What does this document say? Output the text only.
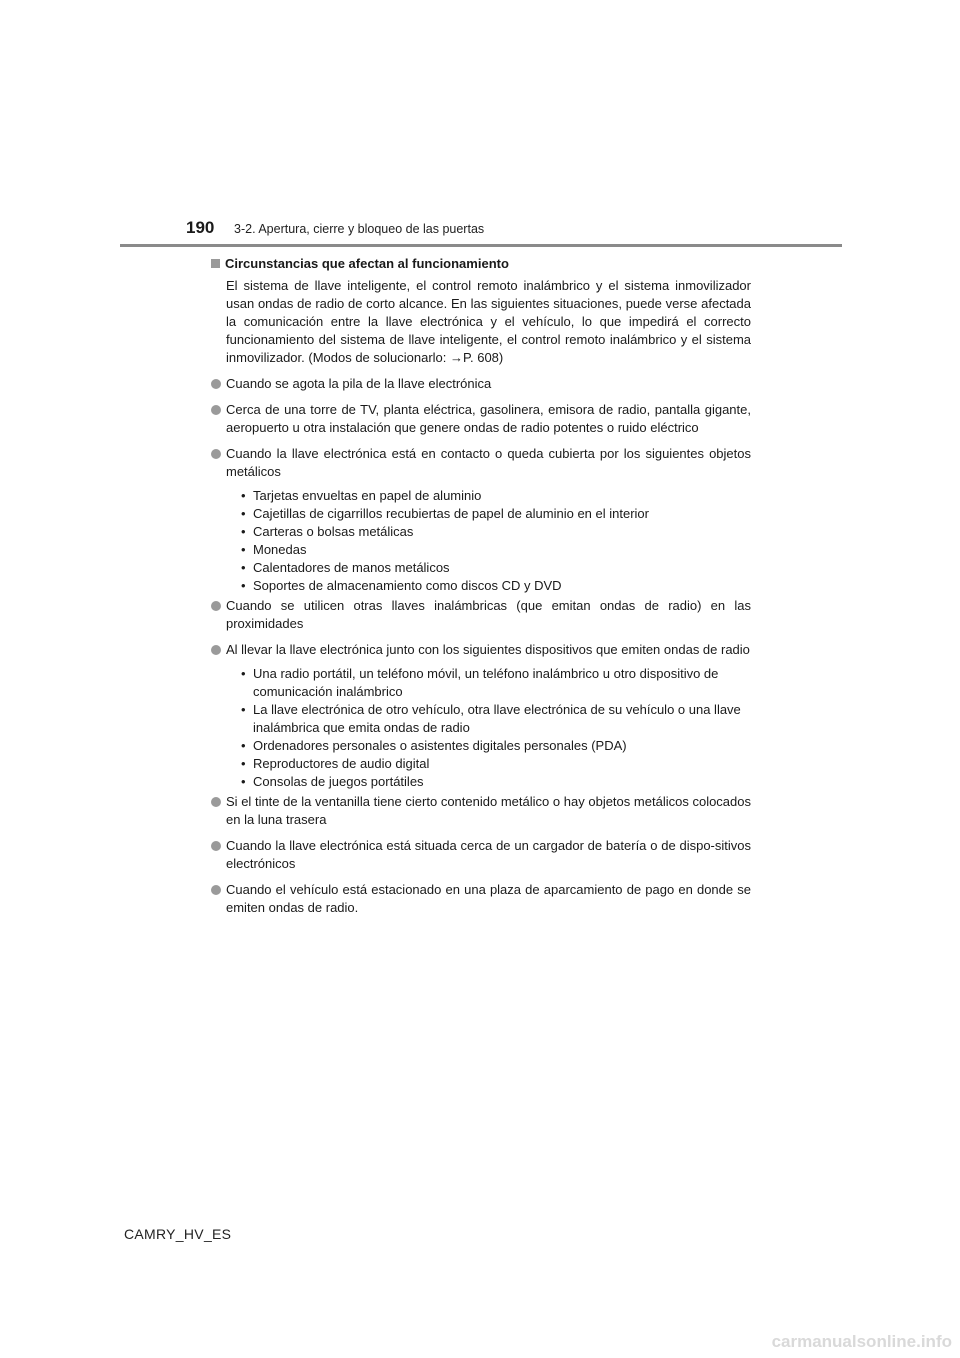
190 3-2. Apertura, cierre y bloqueo de las puertas
Circunstancias que afectan al funcionamiento

El sistema de llave inteligente, el control remoto inalámbrico y el sistema inmovilizador usan ondas de radio de corto alcance. En las siguientes situaciones, puede verse afectada la comunicación entre la llave electrónica y el vehículo, lo que impedirá el correcto funcionamiento del sistema de llave inteligente, el control remoto inalámbrico y el sistema inmovilizador. (Modos de solucionarlo: →P. 608)

Cuando se agota la pila de la llave electrónica
Cerca de una torre de TV, planta eléctrica, gasolinera, emisora de radio, pantalla gigante, aeropuerto u otra instalación que genere ondas de radio potentes o ruido eléctrico
Cuando la llave electrónica está en contacto o queda cubierta por los siguientes objetos metálicos
• Tarjetas envueltas en papel de aluminio
• Cajetillas de cigarrillos recubiertas de papel de aluminio en el interior
• Carteras o bolsas metálicas
• Monedas
• Calentadores de manos metálicos
• Soportes de almacenamiento como discos CD y DVD
Cuando se utilicen otras llaves inalámbricas (que emitan ondas de radio) en las proximidades
Al llevar la llave electrónica junto con los siguientes dispositivos que emiten ondas de radio
• Una radio portátil, un teléfono móvil, un teléfono inalámbrico u otro dispositivo de comunicación inalámbrico
• La llave electrónica de otro vehículo, otra llave electrónica de su vehículo o una llave inalámbrica que emita ondas de radio
• Ordenadores personales o asistentes digitales personales (PDA)
• Reproductores de audio digital
• Consolas de juegos portátiles
Si el tinte de la ventanilla tiene cierto contenido metálico o hay objetos metálicos colocados en la luna trasera
Cuando la llave electrónica está situada cerca de un cargador de batería o de dispo-sitivos electrónicos
Cuando el vehículo está estacionado en una plaza de aparcamiento de pago en donde se emiten ondas de radio.
CAMRY_HV_ES
carmanualsonline.info
